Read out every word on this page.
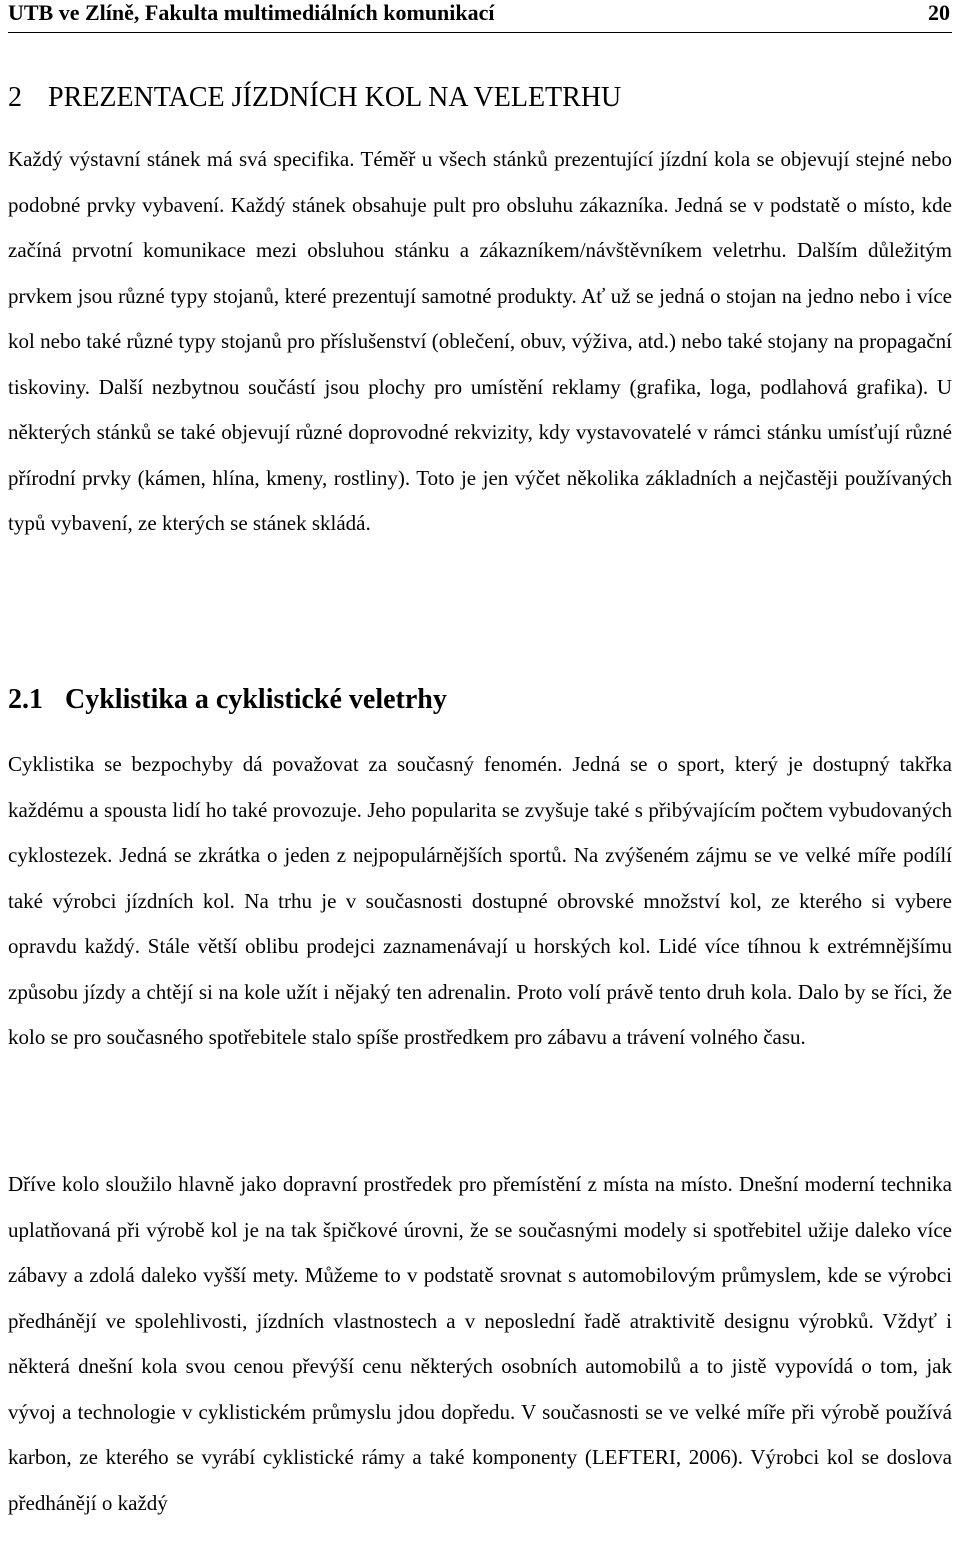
UTB ve Zlíně, Fakulta multimediálních komunikací	20
2 PREZENTACE JÍZDNÍCH KOL NA VELETRHU

Každý výstavní stánek má svá specifika. Téměř u všech stánků prezentující jízdní kola se objevují stejné nebo podobné prvky vybavení. Každý stánek obsahuje pult pro obsluhu zákazníka. Jedná se v podstatě o místo, kde začíná prvotní komunikace mezi obsluhou stánku a zákazníkem/návštěvníkem veletrhu. Dalším důležitým prvkem jsou různé typy stojanů, které prezentují samotné produkty. Ať už se jedná o stojan na jedno nebo i více kol nebo také různé typy stojanů pro příslušenství (oblečení, obuv, výživa, atd.) nebo také stojany na propagační tiskoviny. Další nezbytnou součástí jsou plochy pro umístění reklamy (grafika, loga, podlahová grafika). U některých stánků se také objevují různé doprovodné rekvizity, kdy vystavovatelé v rámci stánku umísťují různé přírodní prvky (kámen, hlína, kmeny, rostliny). Toto je jen výčet několika základních a nejčastěji používaných typů vybavení, ze kterých se stánek skládá.

2.1 Cyklistika a cyklistické veletrhy

Cyklistika se bezpochyby dá považovat za současný fenomén. Jedná se o sport, který je dostupný takřka každému a spousta lidí ho také provozuje. Jeho popularita se zvyšuje také s přibývajícím počtem vybudovaných cyklostezek. Jedná se zkrátka o jeden z nejpopulárnějších sportů. Na zvýšeném zájmu se ve velké míře podílí také výrobci jízdních kol. Na trhu je v současnosti dostupné obrovské množství kol, ze kterého si vybere opravdu každý. Stále větší oblibu prodejci zaznamenávají u horských kol. Lidé více tíhnou k extrémnějšímu způsobu jízdy a chtějí si na kole užít i nějaký ten adrenalin. Proto volí právě tento druh kola. Dalo by se říci, že kolo se pro současného spotřebitele stalo spíše prostředkem pro zábavu a trávení volného času.

Dříve kolo sloužilo hlavně jako dopravní prostředek pro přemístění z místa na místo. Dnešní moderní technika uplatňovaná při výrobě kol je na tak špičkové úrovni, že se současnými modely si spotřebitel užije daleko více zábavy a zdolá daleko vyšší mety. Můžeme to v podstatě srovnat s automobilovým průmyslem, kde se výrobci předhánějí ve spolehlivosti, jízdních vlastnostech a v neposlední řadě atraktivitě designu výrobků. Vždyť i některá dnešní kola svou cenou převýší cenu některých osobních automobilů a to jistě vypovídá o tom, jak vývoj a technologie v cyklistickém průmyslu jdou dopředu. V současnosti se ve velké míře při výrobě používá karbon, ze kterého se vyrábí cyklistické rámy a také komponenty (LEFTERI, 2006). Výrobci kol se doslova předhánějí o každý
